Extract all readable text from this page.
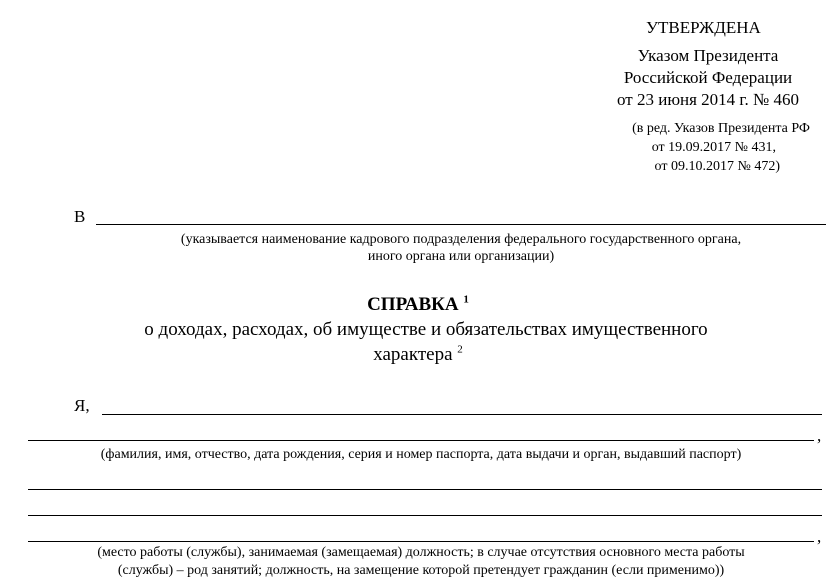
УТВЕРЖДЕНА
Указом Президента
Российской Федерации
от 23 июня 2014 г. № 460
(в ред. Указов Президента РФ
от 19.09.2017 № 431,
от 09.10.2017 № 472)
В
(указывается наименование кадрового подразделения федерального государственного органа,
иного органа или организации)
СПРАВКА $^1$
о доходах, расходах, об имуществе и обязательствах имущественного
характера $^2$
Я,
,
(фамилия, имя, отчество, дата рождения, серия и номер паспорта, дата выдачи и орган, выдавший паспорт)
,
(место работы (службы), занимаемая (замещаемая) должность; в случае отсутствия основного места работы
(службы) – род занятий; должность, на замещение которой претендует гражданин (если применимо))
